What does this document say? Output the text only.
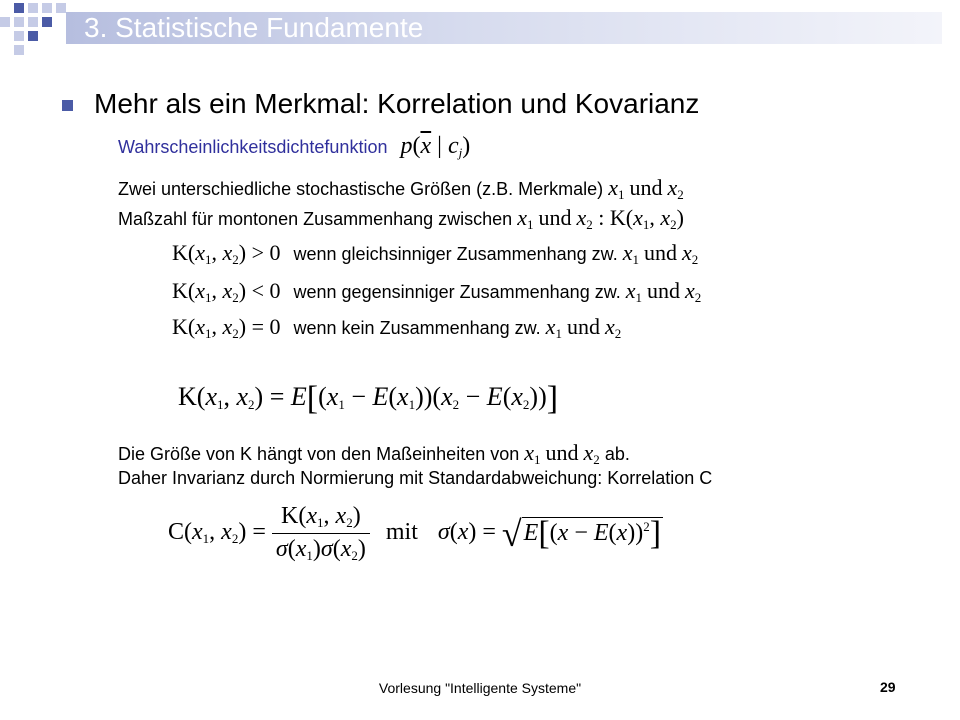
3. Statistische Fundamente
Mehr als ein Merkmal: Korrelation und Kovarianz
Wahrscheinlichkeitsdichtefunktion $p(\overline{x}$ | $c_j$)
Zwei unterschiedliche stochastische Größen (z.B. Merkmale) $x_1$ und $x_2$
Maßzahl für montonen Zusammenhang zwischen $x_1$ und $x_2$ : $K(x_1$, $x_2$)
$K(x_1$, $x_2) > 0$ wenn gleichsinniger Zusammenhang zw. $x_1$ und $x_2$
$K(x_1$, $x_2) < 0$ wenn gegensinniger Zusammenhang zw. $x_1$ und $x_2$
$K(x_1$, $x_2) = 0$ wenn kein Zusammenhang zw. $x_1$ und $x_2$
$K(x_1$, $x_2) = E[(x_1 - E(x_1))(x_2 - E(x_2))]$
Die Größe von K hängt von den Maßeinheiten von $x_1$ und $x_2$ ab.
Daher Invarianz durch Normierung mit Standardabweichung: Korrelation C
$C(x_1$, $x_2) = \frac{K(x_1, x_2)}{\sigma(x_1)\sigma(x_2)}$ mit $\sigma(x) = √E[(x - E(x))^2]$
Vorlesung "Intelligente Systeme"	29
